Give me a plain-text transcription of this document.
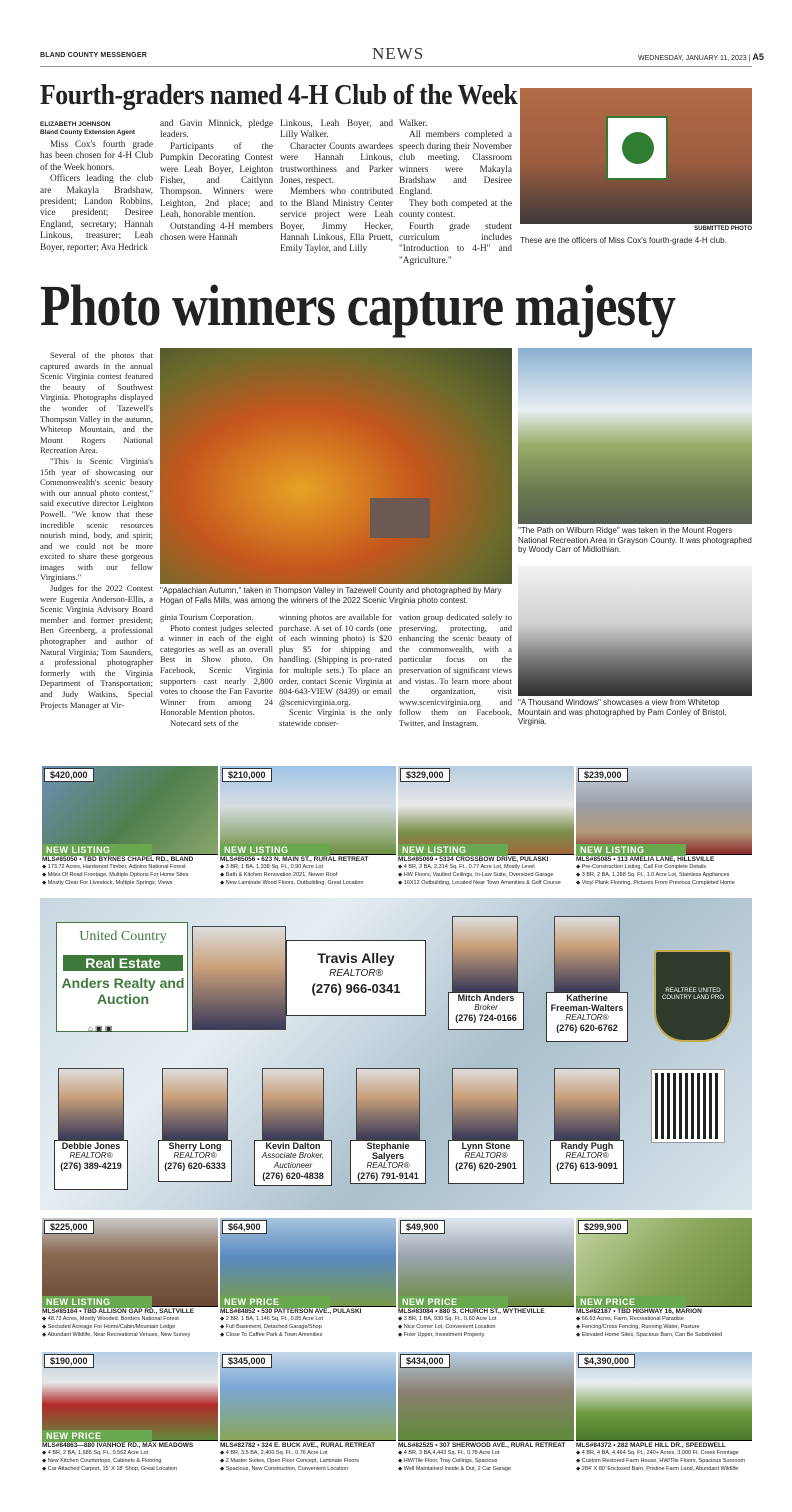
BLAND COUNTY MESSENGER	NEWS	WEDNESDAY, JANUARY 11, 2023 | A5
Fourth-graders named 4-H Club of the Week
ELIZABETH JOHNSON
Bland County Extension Agent

Miss Cox's fourth grade has been chosen for 4-H Club of the Week honors.

Officers leading the club are Makayla Bradshaw, president; Landon Robbins, vice president; Desiree England, secretary; Hannah Linkous, treasurer; Leah Boyer, reporter; Ava Hedrick

and Gavin Minnick, pledge leaders.

Participants of the Pumpkin Decorating Contest were Leah Boyer, Leighton Fisher, and Caitlynn Thompson. Winners were Leighton, 2nd place; and Leah, honorable mention.

Outstanding 4-H members chosen were Hannah

Linkous, Leah Boyer, and Lilly Walker.

Character Counts awardees were Hannah Linkous, trustworthiness and Parker Jones, respect.

Members who contributed to the Bland Ministry Center service project were Leah Boyer, Jimmy Hecker, Hannah Linkous, Ella Pruett, Emily Taylor, and Lilly

Walker.

All members completed a speech during their November club meeting. Classroom winners were Makayla Bradshaw and Desiree England.

They both competed at the county contest.

Fourth grade student curriculum includes "Introduction to 4-H" and "Agriculture."

SUBMITTED PHOTO
These are the officers of Miss Cox's fourth-grade 4-H club.
Photo winners capture majesty

Several of the photos that captured awards in the annual Scenic Virginia contest featured the beauty of Southwest Virginia. Photographs displayed the wonder of Tazewell's Thompson Valley in the autumn, Whitetop Mountain, and the Mount Rogers National Recreation Area.

"This is Scenic Virginia's 15th year of showcasing our Commonwealth's scenic beauty with our annual photo contest," said executive director Leighton Powell. "We know that these incredible scenic resources nourish mind, body, and spirit; and we could not be more excited to share these gorgeous images with our fellow Virginians."

Judges for the 2022 Contest were Eugenia Anderson-Ellis, a Scenic Virginia Advisory Board member and former president; Ben Greenberg, a professional photographer and author of Natural Virginia; Tom Saunders, a professional photographer formerly with the Virginia Department of Transportation; and Judy Watkins, Special Projects Manager at Vir-

"Appalachian Autumn," taken in Thompson Valley in Tazewell County and photographed by Mary Hogan of Falls Mills, was among the winners of the 2022 Scenic Virginia photo contest.

ginia Tourism Corporation.

Photo contest judges selected a winner in each of the eight categories as well as an overall Best in Show photo. On Facebook, Scenic Virginia supporters cast nearly 2,800 votes to choose the Fan Favorite Winner from among 24 Honorable Mention photos.

Notecard sets of the

winning photos are available for purchase. A set of 10 cards (one of each winning photo) is $20 plus $5 for shipping and handling. (Shipping is pro-rated for multiple sets.) To place an order, contact Scenic Virginia at 804-643-VIEW (8439) or email @scenicvirginia.org.

Scenic Virginia is the only statewide conser-

vation group dedicated solely to preserving, protecting, and enhancing the scenic beauty of the commonwealth, with a particular focus on the preservation of significant views and vistas. To learn more about the organization, visit www.scenicvirginia.org and follow them on Facebook, Twitter, and Instagram.

"The Path on Wilburn Ridge" was taken in the Mount Rogers National Recreation Area in Grayson County. It was photographed by Woody Carr of Midlothian.
"A Thousand Windows" showcases a view from Whitetop Mountain and was photographed by Pam Conley of Bristol, Virginia.
$420,000
NEW LISTING
MLS#85050 • TBD BYRNES CHAPEL RD., BLAND
◆ 173.72 Acres, Hardwood Timber, Adjoins National Forest
◆ Miles Of Road Frontage, Multiple Options For Home Sites
◆ Mostly Clear For Livestock, Multiple Springs, Views
$210,000
NEW LISTING
MLS#85056 • 623 N. MAIN ST., RURAL RETREAT
◆ 3 BR, 1 BA, 1,338 Sq. Ft., 0.90 Acre Lot
◆ Bath & Kitchen Renovation 2021, Newer Roof
◆ New Laminate Wood Floors, Outbuilding, Great Location
$329,000
NEW LISTING
MLS#85069 • 5334 CROSSBOW DRIVE, PULASKI
◆ 4 BR, 3 BA, 2,314 Sq. Ft., 0.77 Acre Lot, Mostly Level
◆ HW Floors, Vaulted Ceilings, In-Law Suite, Oversized Garage
◆ 16X12 Outbuilding, Located Near Town Amenities & Golf Course
$239,000
NEW LISTING
MLS#85085 • 113 AMELIA LANE, HILLSVILLE
◆ Pre-Construction Listing, Call For Complete Details
◆ 3 BR, 2 BA, 1,288 Sq. Ft., 1.0 Acre Lot, Stainless Appliances
◆ Vinyl Plank Flooring, Pictures From Previous Completed Home
United Country
Real Estate
Anders Realty and Auction
Travis Alley
REALTOR®
(276) 966-0341
Mitch Anders
Broker
(276) 724-0166
Katherine Freeman-Walters
REALTOR®
(276) 620-6762
REALTREE UNITED COUNTRY LAND PRO
⌂ ▣ ▣
Debbie Jones
REALTOR®
(276) 389-4219
Sherry Long
REALTOR®
(276) 620-6333
Kevin Dalton
Associate Broker, Auctioneer
(276) 620-4838
Stephanie Salyers
REALTOR®
(276) 791-9141
Lynn Stone
REALTOR®
(276) 620-2901
Randy Pugh
REALTOR®
(276) 613-9091
$225,000
NEW LISTING
MLS#85164 • TBD ALLISON GAP RD., SALTVILLE
◆ 48.72 Acres, Mostly Wooded, Borders National Forest
◆ Secluded Acreage For Home/Cabin/Mountain Lodge
◆ Abundant Wildlife, Near Recreational Venues, New Survey
$64,900
NEW PRICE
MLS#84852 • 530 PATTERSON AVE., PULASKI
◆ 2 BR, 1 BA, 1,146 Sq. Ft., 0.85 Acre Lot
◆ Full Basement, Detached Garage/Shop
◆ Close To Caffee Park & Town Amenities
$49,900
NEW PRICE
MLS#83084 • 880 S. CHURCH ST., WYTHEVILLE
◆ 3 BR, 1 BA, 930 Sq. Ft., 0.60 Acre Lot
◆ Nice Corner Lot, Convenient Location
◆ Fixer Upper, Investment Property
$299,900
NEW PRICE
MLS#82187 • TBD HIGHWAY 16, MARION
◆ 66.63 Acres, Farm, Recreational Paradise
◆ Fencing/Cross Fencing, Running Water, Pasture
◆ Elevated Home Sites, Spacious Barn, Can Be Subdivided
$190,000
NEW PRICE
MLS#84863—880 IVANHOE RD., MAX MEADOWS
◆ 4 BR, 2 BA, 1,685 Sq. Ft., 0.562 Acre Lot
◆ New Kitchen Countertops, Cabinets & Flooring
◆ Car Attached Carport, 15' X 18' Shop, Great Location
$345,000
MLS#82782 • 324 E. BUCK AVE., RURAL RETREAT
◆ 4 BR, 3.5 BA, 2,400 Sq. Ft., 0.76 Acre Lot
◆ 2 Master Suites, Open Floor Concept, Laminate Floors
◆ Spacious, New Construction, Convenient Location
$434,000
MLS#82525 • 307 SHERWOOD AVE., RURAL RETREAT
◆ 4 BR, 3 BA,4,443 Sq. Ft., 0.78 Acre Lot
◆ HW/Tile Floor, Tray Ceilings, Spacious
◆ Well Maintained Inside & Out, 2 Car Garage
$4,390,000
MLS#84372 • 282 MAPLE HILL DR., SPEEDWELL
◆ 4 BR, 4 BA, 4,464 Sq. Ft., 240+ Acres, 3,000 Ft. Creek Frontage
◆ Custom Restored Farm House, HW/Tile Floors, Spacious Sunroom
◆ 284' X 80' Enclosed Barn, Pristine Farm Land, Abundant Wildlife
